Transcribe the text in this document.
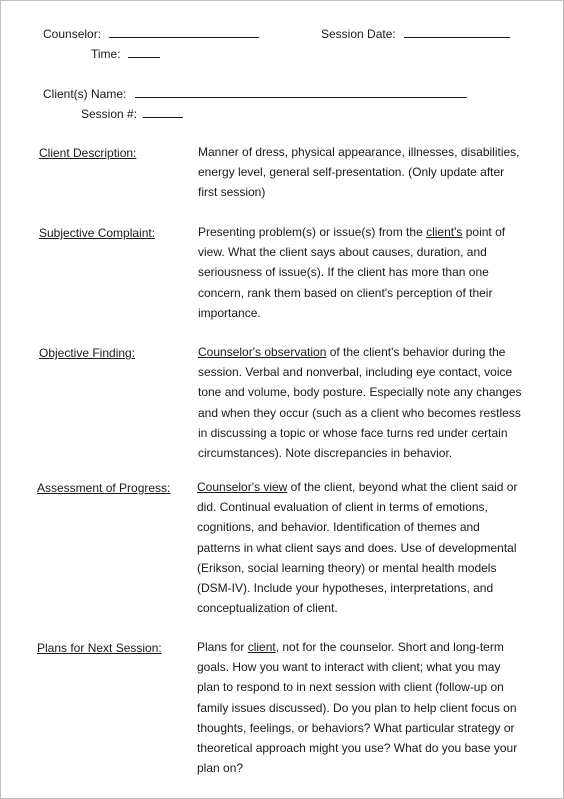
Counselor:	Session Date:
Time:
Client(s) Name:
Session #:
Client Description:	Manner of dress, physical appearance, illnesses, disabilities,
energy level, general self-presentation. (Only update after
first session)
Subjective Complaint:	Presenting problem(s) or issue(s) from the client's point of
view. What the client says about causes, duration, and
seriousness of issue(s). If the client has more than one
concern, rank them based on client's perception of their
importance.
Objective Finding:	Counselor's observation of the client's behavior during the
session. Verbal and nonverbal, including eye contact, voice
tone and volume, body posture. Especially note any changes
and when they occur (such as a client who becomes restless
in discussing a topic or whose face turns red under certain
circumstances). Note discrepancies in behavior.
Assessment of Progress: Counselor's view of the client, beyond what the client said or
did. Continual evaluation of client in terms of emotions,
cognitions, and behavior. Identification of themes and
patterns in what client says and does. Use of developmental
(Erikson, social learning theory) or mental health models
(DSM-IV). Include your hypotheses, interpretations, and
conceptualization of client.
Plans for Next Session:	Plans for client, not for the counselor. Short and long-term
goals. How you want to interact with client; what you may
plan to respond to in next session with client (follow-up on
family issues discussed). Do you plan to help client focus on
thoughts, feelings, or behaviors? What particular strategy or
theoretical approach might you use? What do you base your
plan on?
